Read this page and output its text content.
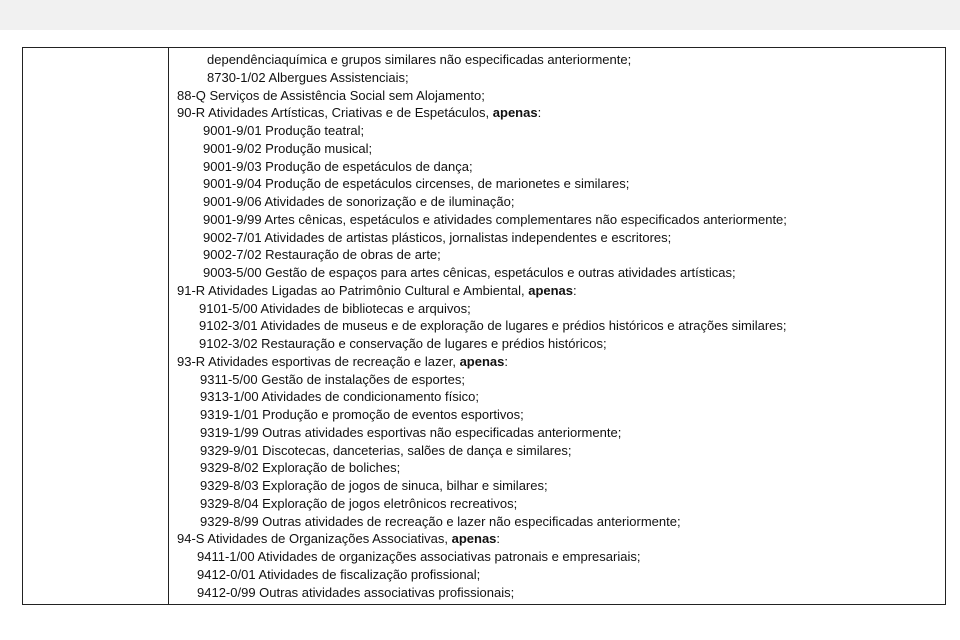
dependênciaquímica e grupos similares não especificadas anteriormente;
8730-1/02 Albergues Assistenciais;
88-Q Serviços de Assistência Social sem Alojamento;
90-R Atividades Artísticas, Criativas e de Espetáculos, apenas:
9001-9/01 Produção teatral;
9001-9/02 Produção musical;
9001-9/03 Produção de espetáculos de dança;
9001-9/04 Produção de espetáculos circenses, de marionetes e similares;
9001-9/06 Atividades de sonorização e de iluminação;
9001-9/99 Artes cênicas, espetáculos e atividades complementares não especificados anteriormente;
9002-7/01 Atividades de artistas plásticos, jornalistas independentes e escritores;
9002-7/02 Restauração de obras de arte;
9003-5/00 Gestão de espaços para artes cênicas, espetáculos e outras atividades artísticas;
91-R Atividades Ligadas ao Patrimônio Cultural e Ambiental, apenas:
9101-5/00 Atividades de bibliotecas e arquivos;
9102-3/01 Atividades de museus e de exploração de lugares e prédios históricos e atrações similares;
9102-3/02 Restauração e conservação de lugares e prédios históricos;
93-R Atividades esportivas de recreação e lazer, apenas:
9311-5/00 Gestão de instalações de esportes;
9313-1/00 Atividades de condicionamento físico;
9319-1/01 Produção e promoção de eventos esportivos;
9319-1/99 Outras atividades esportivas não especificadas anteriormente;
9329-9/01 Discotecas, danceterias, salões de dança e similares;
9329-8/02 Exploração de boliches;
9329-8/03 Exploração de jogos de sinuca, bilhar e similares;
9329-8/04 Exploração de jogos eletrônicos recreativos;
9329-8/99 Outras atividades de recreação e lazer não especificadas anteriormente;
94-S Atividades de Organizações Associativas, apenas:
9411-1/00 Atividades de organizações associativas patronais e empresariais;
9412-0/01 Atividades de fiscalização profissional;
9412-0/99 Outras atividades associativas profissionais;
